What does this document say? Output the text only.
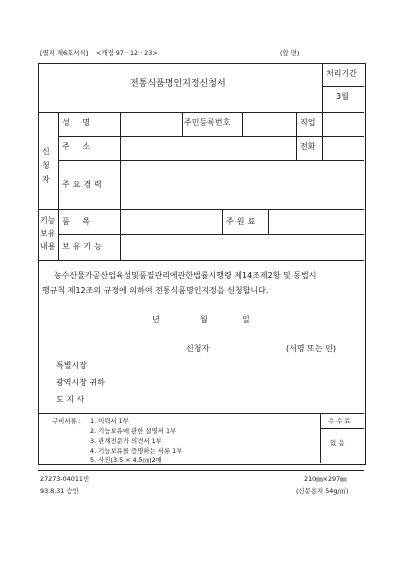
[별지 제6호서식] <개정 97 · 12 · 23>	(앞 면)
전통식품명인지정신청서
처리기간
3월
신청자
성 명	주민등록번호	직업
주 소	전화
주요경력
기능보유내용
품 목	주원료
보유기능
농수산물가공산업육성및품질관리에관한법률시행령 제14조제2항 및 동법시
행규칙 제12조의 규정에 의하여 전통식품명인지정을 신청합니다.
년	월	일
신청자	(서명 또는 인)
특별시장
광역시장 귀하
도 지 사
구비서류 : 1. 이력서 1부
2. 기능보유에 관한 설명서 1부
3. 관계전문가 의견서 1부
4. 기능보유를 증명하는 서류 1부
5. 사진(3.5 × 4.5㎝)2매
수 수 료
없 음
27273-04011민
93.8.31 승인
210㎜×297㎜
(신문용지 54g/㎡)
